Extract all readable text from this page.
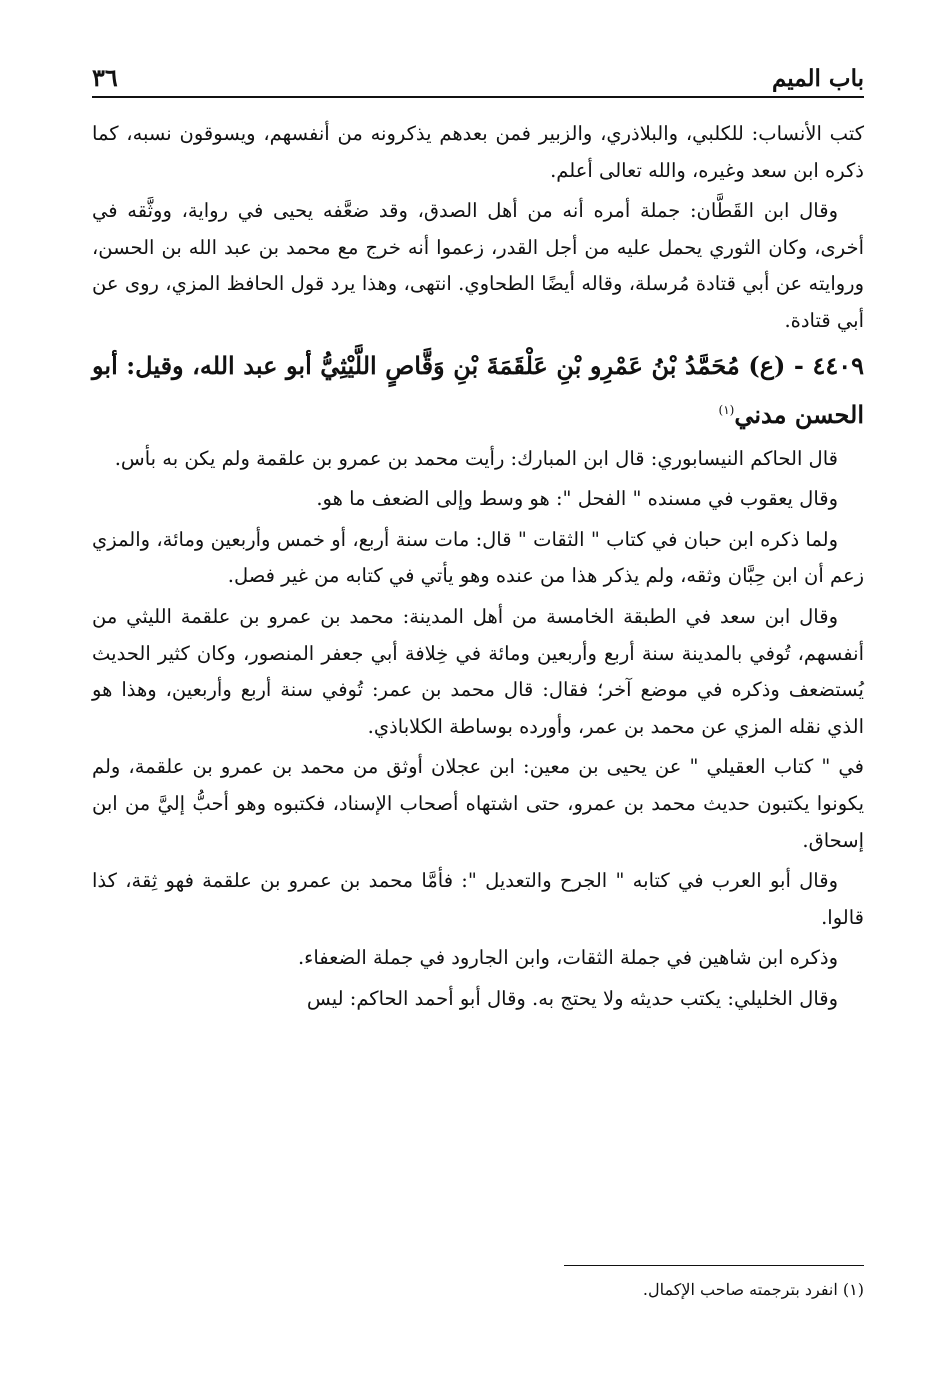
باب الميم
٣٦

كتب الأنساب: للكلبي، والبلاذري، والزبير فمن بعدهم يذكرونه من أنفسهم، ويسوقون نسبه، كما ذكره ابن سعد وغيره، والله تعالى أعلم.

وقال ابن القَطَّان: جملة أمره أنه من أهل الصدق، وقد ضعَّفه يحيى في رواية، ووثَّقه في أخرى، وكان الثوري يحمل عليه من أجل القدر، زعموا أنه خرج مع محمد بن عبد الله بن الحسن، وروايته عن أبي قتادة مُرسلة، وقاله أيضًا الطحاوي. انتهى، وهذا يرد قول الحافظ المزي، روى عن أبي قتادة.

٤٤٠٩ - (ع) مُحَمَّدُ بْنُ عَمْرِو بْنِ عَلْقَمَةَ بْنِ وَقَّاصٍ اللَّيْثِيُّ أبو عبد الله، وقيل: أبو الحسن مدني$^{(١)}$

قال الحاكم النيسابوري: قال ابن المبارك: رأيت محمد بن عمرو بن علقمة ولم يكن به بأس.

وقال يعقوب في مسنده " الفحل ": هو وسط وإلى الضعف ما هو.

ولما ذكره ابن حبان في كتاب " الثقات " قال: مات سنة أربع، أو خمس وأربعين ومائة، والمزي زعم أن ابن حِبَّان وثقه، ولم يذكر هذا من عنده وهو يأتي في كتابه من غير فصل.

وقال ابن سعد في الطبقة الخامسة من أهل المدينة: محمد بن عمرو بن علقمة الليثي من أنفسهم، تُوفي بالمدينة سنة أربع وأربعين ومائة في خِلافة أبي جعفر المنصور، وكان كثير الحديث يُستضعف وذكره في موضع آخر؛ فقال: قال محمد بن عمر: تُوفي سنة أربع وأربعين، وهذا هو الذي نقله المزي عن محمد بن عمر، وأورده بوساطة الكلاباذي.

في " كتاب العقيلي " عن يحيى بن معين: ابن عجلان أوثق من محمد بن عمرو بن علقمة، ولم يكونوا يكتبون حديث محمد بن عمرو، حتى اشتهاه أصحاب الإسناد، فكتبوه وهو أحبُّ إليَّ من ابن إسحاق.

وقال أبو العرب في كتابه " الجرح والتعديل ": فأمَّا محمد بن عمرو بن علقمة فهو ثِقة، كذا قالوا.

وذكره ابن شاهين في جملة الثقات، وابن الجارود في جملة الضعفاء.

وقال الخليلي: يكتب حديثه ولا يحتج به. وقال أبو أحمد الحاكم: ليس

(١) انفرد بترجمته صاحب الإكمال.
